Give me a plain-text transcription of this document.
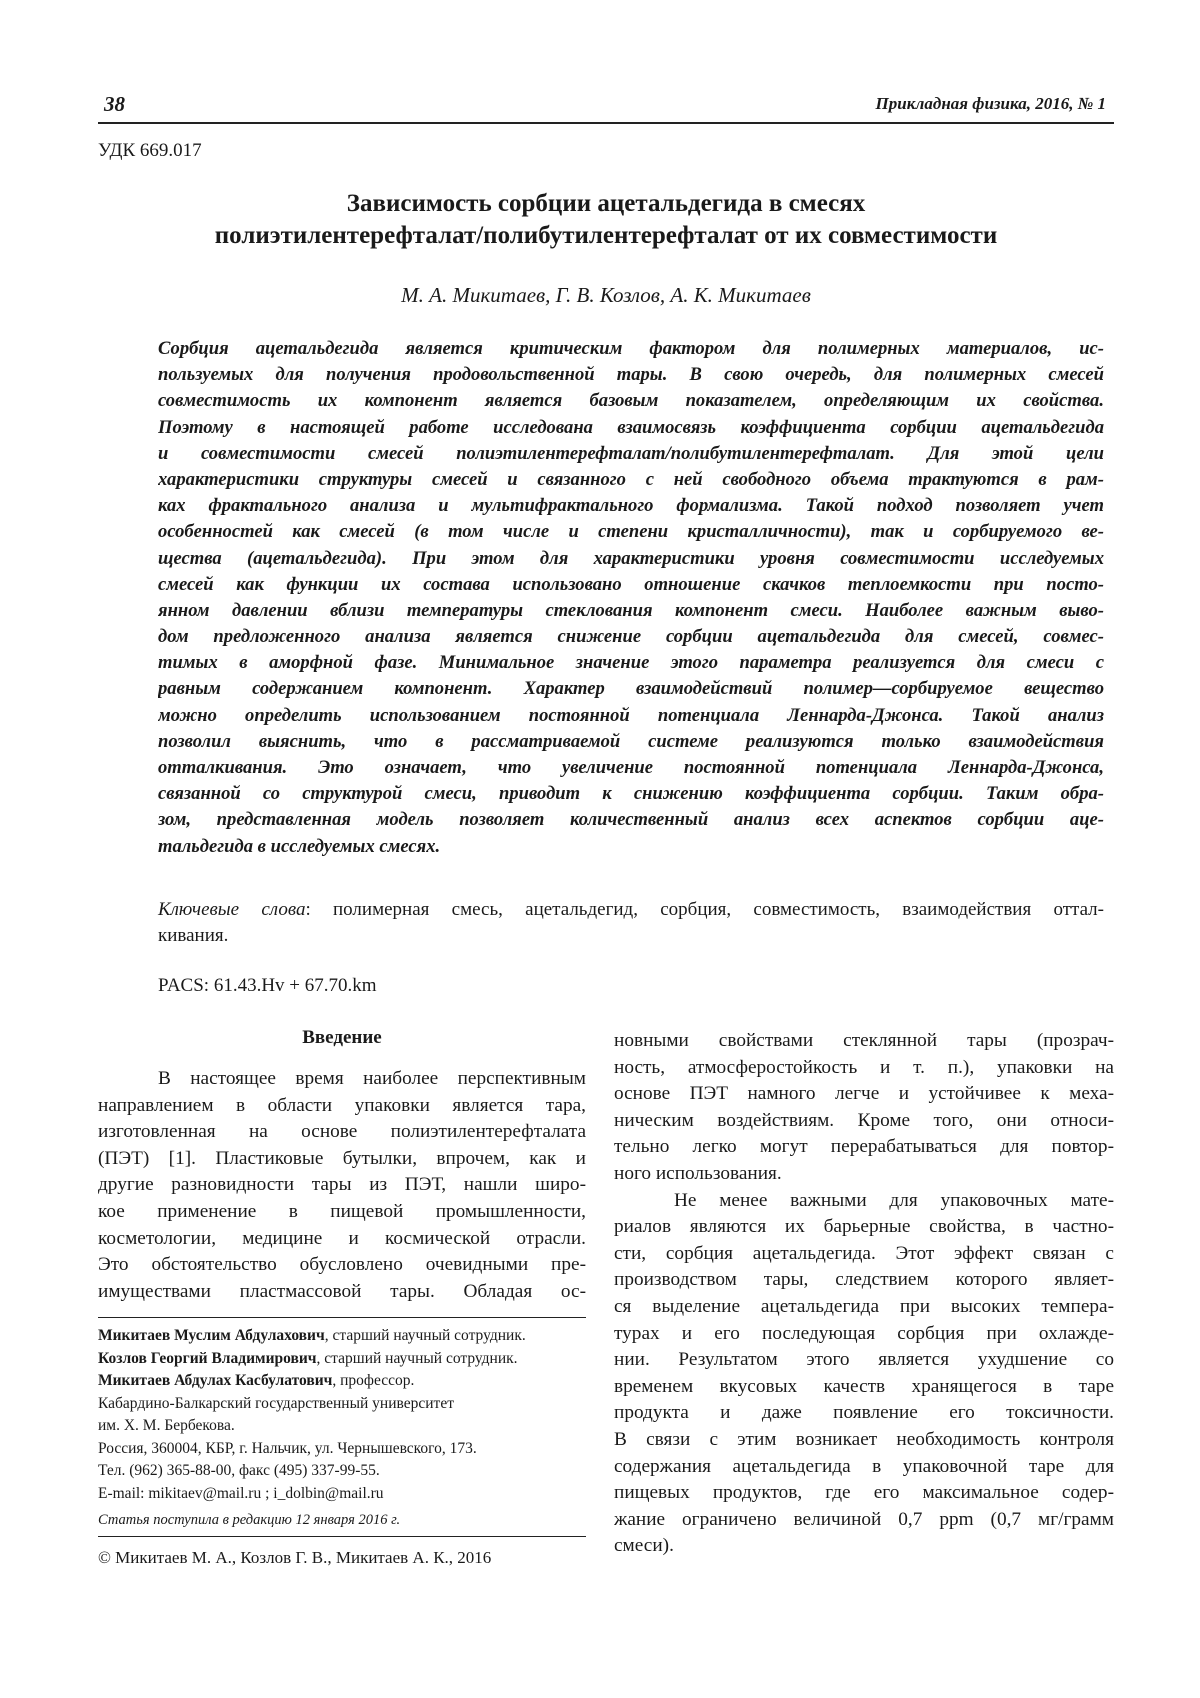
38	Прикладная физика, 2016, № 1
УДК 669.017
Зависимость сорбции ацетальдегида в смесях
полиэтилентерефталат/полибутилентерефталат от их совместимости
М. А. Микитаев, Г. В. Козлов, А. К. Микитаев
Сорбция ацетальдегида является критическим фактором для полимерных материалов, ис-
пользуемых для получения продовольственной тары. В свою очередь, для полимерных смесей
совместимость их компонент является базовым показателем, определяющим их свойства.
Поэтому в настоящей работе исследована взаимосвязь коэффициента сорбции ацетальдегида
и совместимости смесей полиэтилентерефталат/полибутилентерефталат. Для этой цели
характеристики структуры смесей и связанного с ней свободного объема трактуются в рам-
ках фрактального анализа и мультифрактального формализма. Такой подход позволяет учет
особенностей как смесей (в том числе и степени кристалличности), так и сорбируемого ве-
щества (ацетальдегида). При этом для характеристики уровня совместимости исследуемых
смесей как функции их состава использовано отношение скачков теплоемкости при посто-
янном давлении вблизи температуры стеклования компонент смеси. Наиболее важным выво-
дом предложенного анализа является снижение сорбции ацетальдегида для смесей, совмес-
тимых в аморфной фазе. Минимальное значение этого параметра реализуется для смеси с
равным содержанием компонент. Характер взаимодействий полимер—сорбируемое вещество
можно определить использованием постоянной потенциала Леннарда-Джонса. Такой анализ
позволил выяснить, что в рассматриваемой системе реализуются только взаимодействия
отталкивания. Это означает, что увеличение постоянной потенциала Леннарда-Джонса,
связанной со структурой смеси, приводит к снижению коэффициента сорбции. Таким обра-
зом, представленная модель позволяет количественный анализ всех аспектов сорбции аце-
тальдегида в исследуемых смесях.
Ключевые слова: полимерная смесь, ацетальдегид, сорбция, совместимость, взаимодействия оттал-
кивания.
PACS: 61.43.Hv + 67.70.km
Введение
В настоящее время наиболее перспективным
направлением в области упаковки является тара,
изготовленная на основе полиэтилентерефталата
(ПЭТ) [1]. Пластиковые бутылки, впрочем, как и
другие разновидности тары из ПЭТ, нашли широ-
кое применение в пищевой промышленности,
косметологии, медицине и космической отрасли.
Это обстоятельство обусловлено очевидными пре-
имуществами пластмассовой тары. Обладая ос-
новными свойствами стеклянной тары (прозрач-
ность, атмосферостойкость и т. п.), упаковки на
основе ПЭТ намного легче и устойчивее к меха-
ническим воздействиям. Кроме того, они относи-
тельно легко могут перерабатываться для повтор-
ного использования.
Не менее важными для упаковочных мате-
риалов являются их барьерные свойства, в частно-
сти, сорбция ацетальдегида. Этот эффект связан с
производством тары, следствием которого являет-
ся выделение ацетальдегида при высоких темпера-
турах и его последующая сорбция при охлажде-
нии. Результатом этого является ухудшение со
временем вкусовых качеств хранящегося в таре
продукта и даже появление его токсичности.
В связи с этим возникает необходимость контроля
содержания ацетальдегида в упаковочной таре для
пищевых продуктов, где его максимальное содер-
жание ограничено величиной 0,7 ppm (0,7 мг/грамм
смеси).
Микитаев Муслим Абдулахович, старший научный сотрудник.
Козлов Георгий Владимирович, старший научный сотрудник.
Микитаев Абдулах Касбулатович, профессор.
Кабардино-Балкарский государственный университет
им. Х. М. Бербекова.
Россия, 360004, КБР, г. Нальчик, ул. Чернышевского, 173.
Тел. (962) 365-88-00, факс (495) 337-99-55.
E-mail: mikitaev@mail.ru ; i_dolbin@mail.ru
Статья поступила в редакцию 12 января 2016 г.
© Микитаев М. А., Козлов Г. В., Микитаев А. К., 2016
